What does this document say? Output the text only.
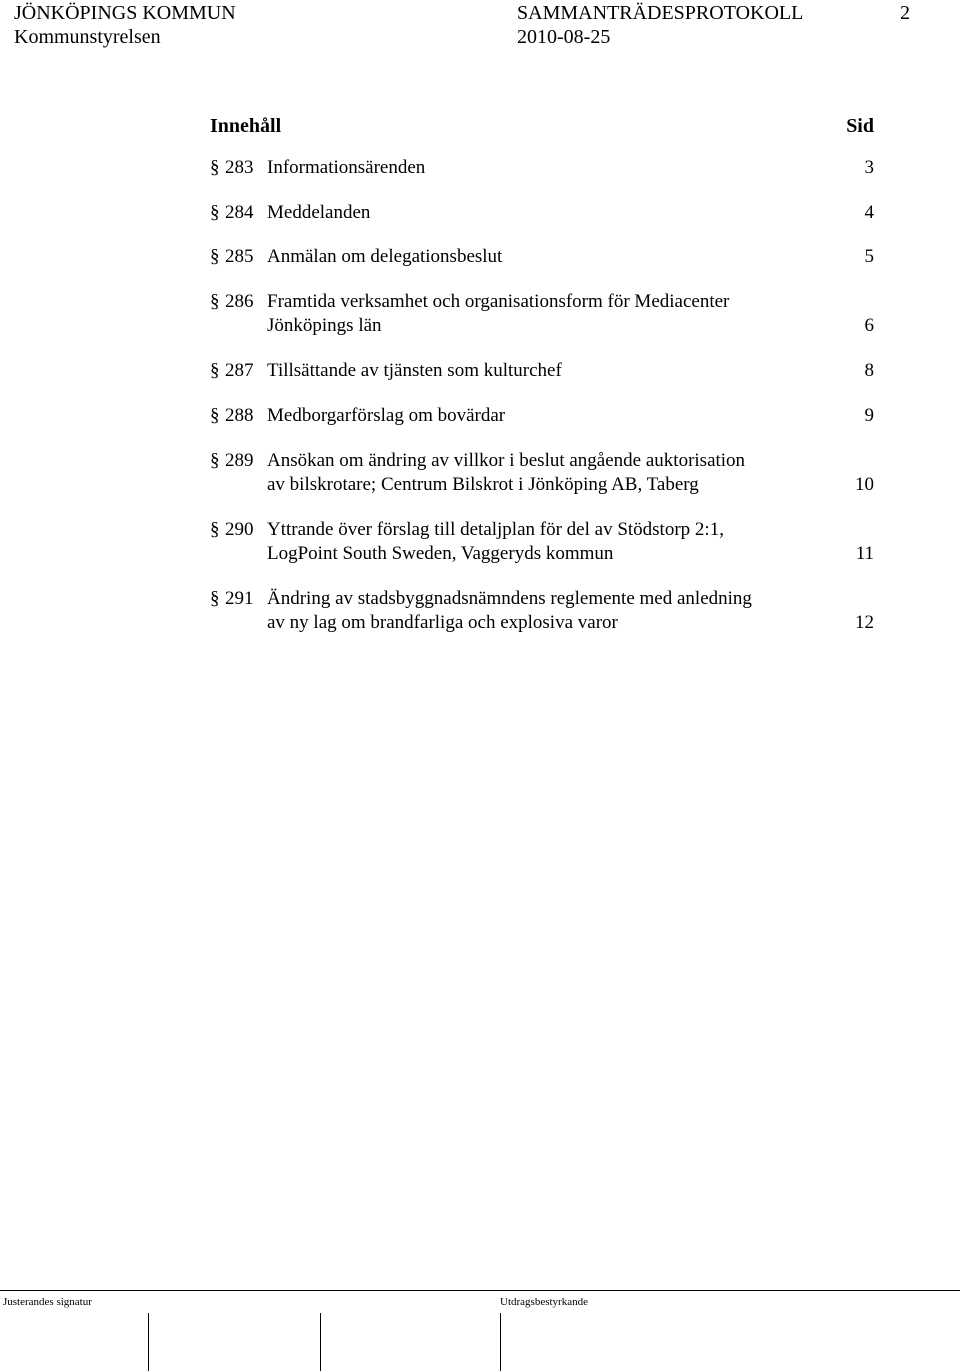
JÖNKÖPINGS KOMMUN
Kommunstyrelsen
SAMMANTRÄDESPROTOKOLL
2010-08-25
2
Innehåll	Sid
§ 283 Informationsärenden	3
§ 284 Meddelanden	4
§ 285 Anmälan om delegationsbeslut	5
§ 286 Framtida verksamhet och organisationsform för Mediacenter
Jönköpings län	6
§ 287 Tillsättande av tjänsten som kulturchef	8
§ 288 Medborgarförslag om bovärdar	9
§ 289 Ansökan om ändring av villkor i beslut angående auktorisation
av bilskrotare; Centrum Bilskrot i Jönköping AB, Taberg	10
§ 290 Yttrande över förslag till detaljplan för del av Stödstorp 2:1,
LogPoint South Sweden, Vaggeryds kommun	11
§ 291 Ändring av stadsbyggnadsnämndens reglemente med anledning
av ny lag om brandfarliga och explosiva varor	12
Justerandes signatur	Utdragsbestyrkande
